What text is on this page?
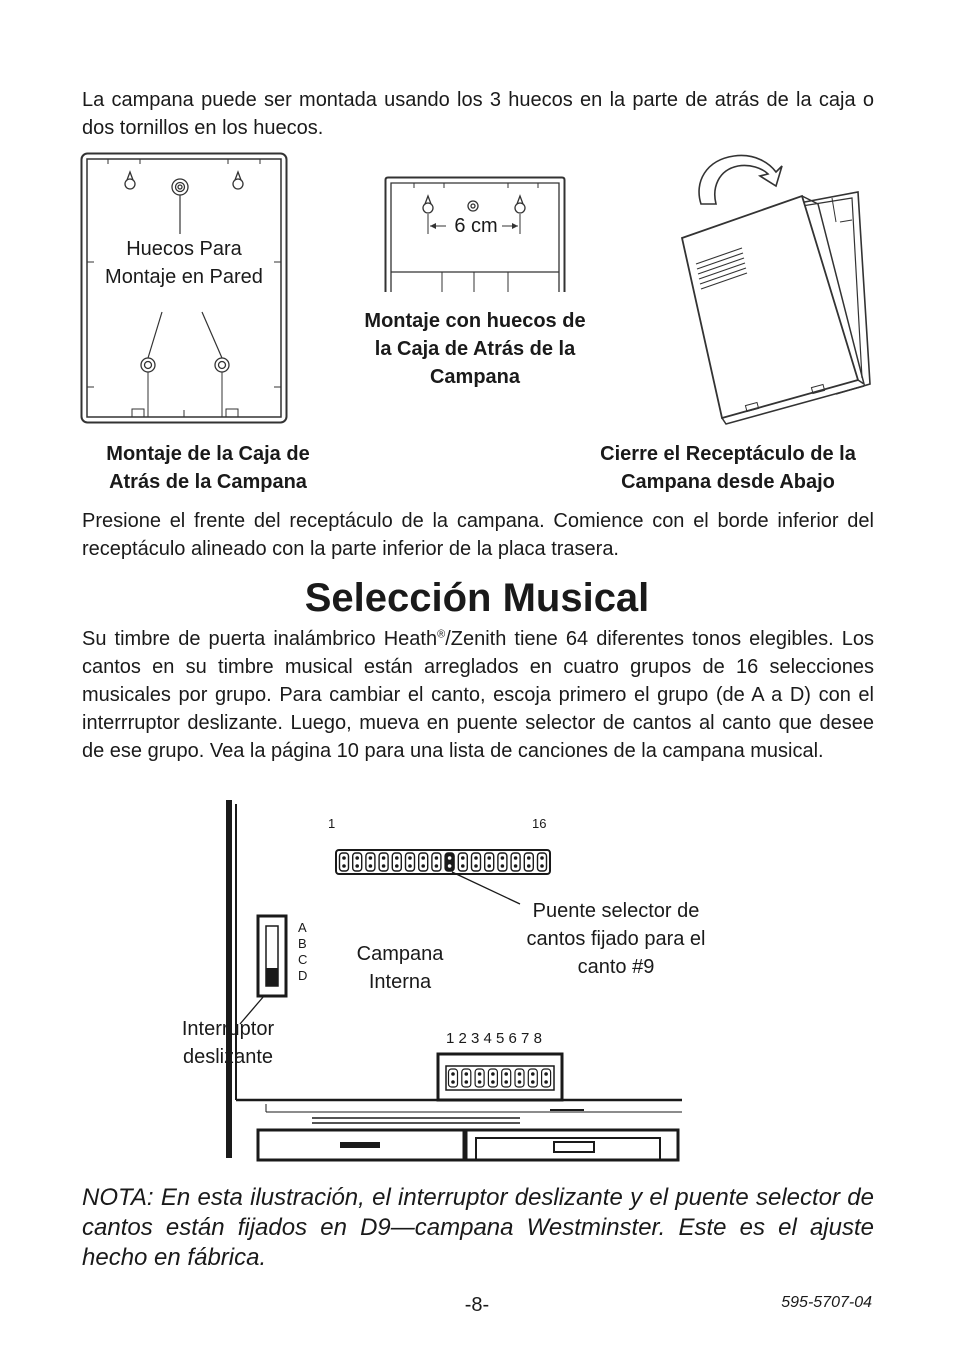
La campana puede ser montada usando los 3 huecos en la parte de atrás de la caja o dos tornillos en los huecos.

Huecos Para Montaje en Pared
Montaje de la Caja de Atrás de la Campana
6 cm
Montaje con huecos de la Caja de Atrás de la Campana
Cierre el Receptáculo de la Campana desde Abajo

Presione el frente del receptáculo de la campana. Comience con el borde inferior del receptáculo alineado con la parte inferior de la placa trasera.

Selección Musical

Su timbre de puerta inalámbrico Heath®/Zenith tiene 64 diferentes tonos elegibles. Los cantos en su timbre musical están arreglados en cuatro grupos de 16 selecciones musicales por grupo. Para cambiar el canto, escoja primero el grupo (de A a D) con el interrruptor deslizante. Luego, mueva en puente selector de cantos al canto que desee de ese grupo. Vea la página 10 para una lista de canciones de la campana musical.

1	16
A
B
C
D
Campana Interna
Puente selector de cantos fijado para el canto #9
Interruptor deslizante
1 2 3 4 5 6 7 8

NOTA: En esta ilustración, el interruptor deslizante y el puente selector de cantos están fijados en D9—campana Westminster. Este es el ajuste hecho en fábrica.

-8-	595-5707-04
